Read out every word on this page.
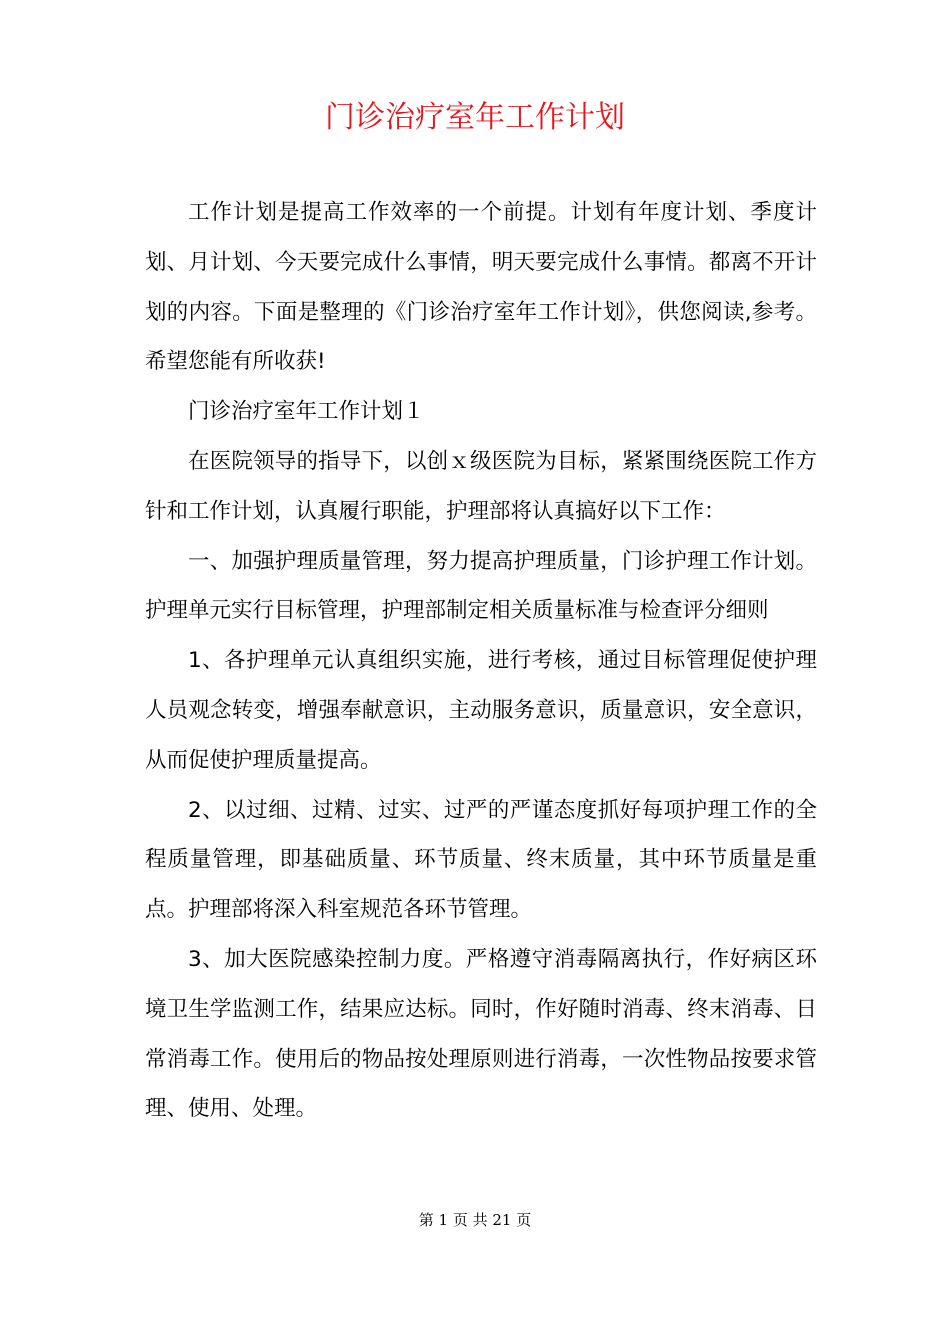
门诊治疗室年工作计划

工作计划是提高工作效率的一个前提。计划有年度计划、季度计划、月计划、今天要完成什么事情，明天要完成什么事情。都离不开计划的内容。下面是整理的《门诊治疗室年工作计划》，供您阅读,参考。希望您能有所收获!

门诊治疗室年工作计划１

在医院领导的指导下，以创ｘ级医院为目标，紧紧围绕医院工作方针和工作计划，认真履行职能，护理部将认真搞好以下工作：

一、加强护理质量管理，努力提高护理质量，门诊护理工作计划。护理单元实行目标管理，护理部制定相关质量标准与检查评分细则

1、各护理单元认真组织实施，进行考核，通过目标管理促使护理人员观念转变，增强奉献意识，主动服务意识，质量意识，安全意识，从而促使护理质量提高。

2、以过细、过精、过实、过严的严谨态度抓好每项护理工作的全程质量管理，即基础质量、环节质量、终末质量，其中环节质量是重点。护理部将深入科室规范各环节管理。

3、加大医院感染控制力度。严格遵守消毒隔离执行，作好病区环境卫生学监测工作，结果应达标。同时，作好随时消毒、终末消毒、日常消毒工作。使用后的物品按处理原则进行消毒，一次性物品按要求管理、使用、处理。

第 1 页 共 21 页
